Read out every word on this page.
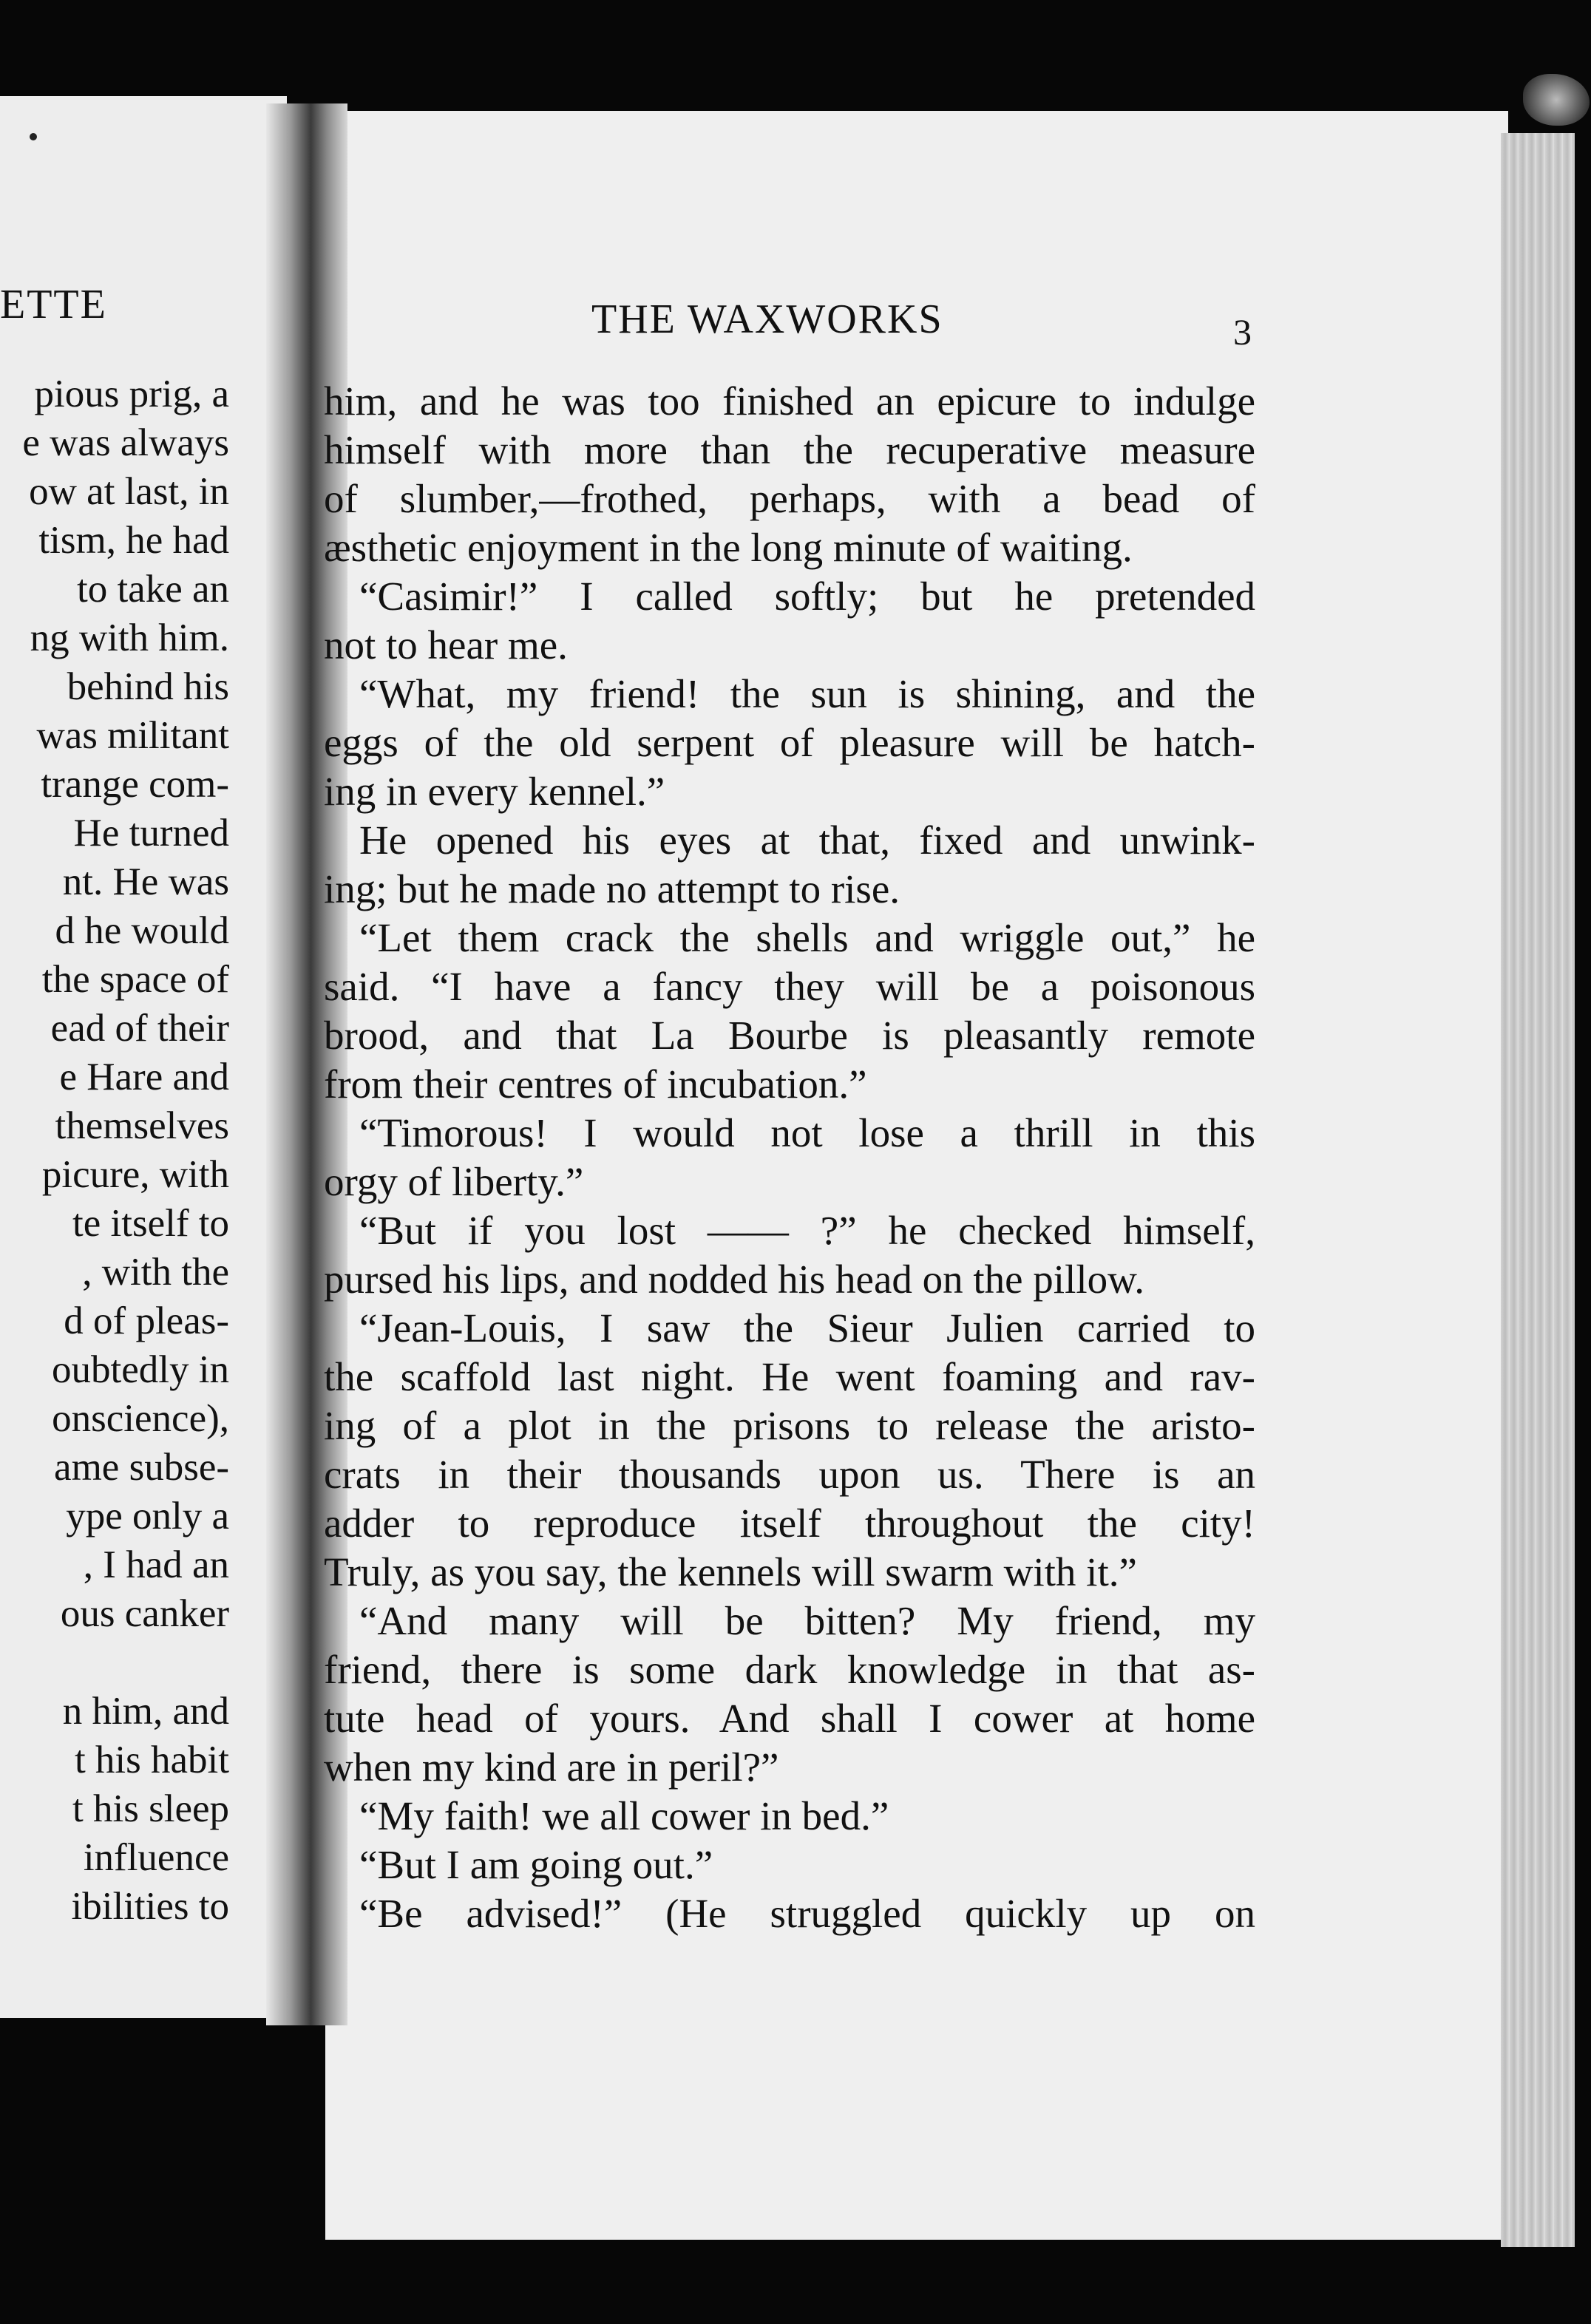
ETTE
pious prig, a
e was always
ow at last, in
tism, he had
to take an
ng with him.
behind his
was militant
trange com-
He turned
nt. He was
d he would
the space of
ead of their
e Hare and
themselves
picure, with
te itself to
, with the
d of pleas-
oubtedly in
onscience),
ame subse-
ype only a
, I had an
ous canker
n him, and
t his habit
t his sleep
influence
ibilities to
THE WAXWORKS	3
him, and he was too finished an epicure to indulge
himself with more than the recuperative measure
of slumber,—frothed, perhaps, with a bead of
æsthetic enjoyment in the long minute of waiting.
“Casimir!” I called softly; but he pretended
not to hear me.
“What, my friend! the sun is shining, and the
eggs of the old serpent of pleasure will be hatch-
ing in every kennel.”
He opened his eyes at that, fixed and unwink-
ing; but he made no attempt to rise.
“Let them crack the shells and wriggle out,” he
said. “I have a fancy they will be a poisonous
brood, and that La Bourbe is pleasantly remote
from their centres of incubation.”
“Timorous! I would not lose a thrill in this
orgy of liberty.”
“But if you lost —— ?” he checked himself,
pursed his lips, and nodded his head on the pillow.
“Jean-Louis, I saw the Sieur Julien carried to
the scaffold last night. He went foaming and rav-
ing of a plot in the prisons to release the aristo-
crats in their thousands upon us. There is an
adder to reproduce itself throughout the city!
Truly, as you say, the kennels will swarm with it.”
“And many will be bitten? My friend, my
friend, there is some dark knowledge in that as-
tute head of yours. And shall I cower at home
when my kind are in peril?”
“My faith! we all cower in bed.”
“But I am going out.”
“Be advised!” (He struggled quickly up on
